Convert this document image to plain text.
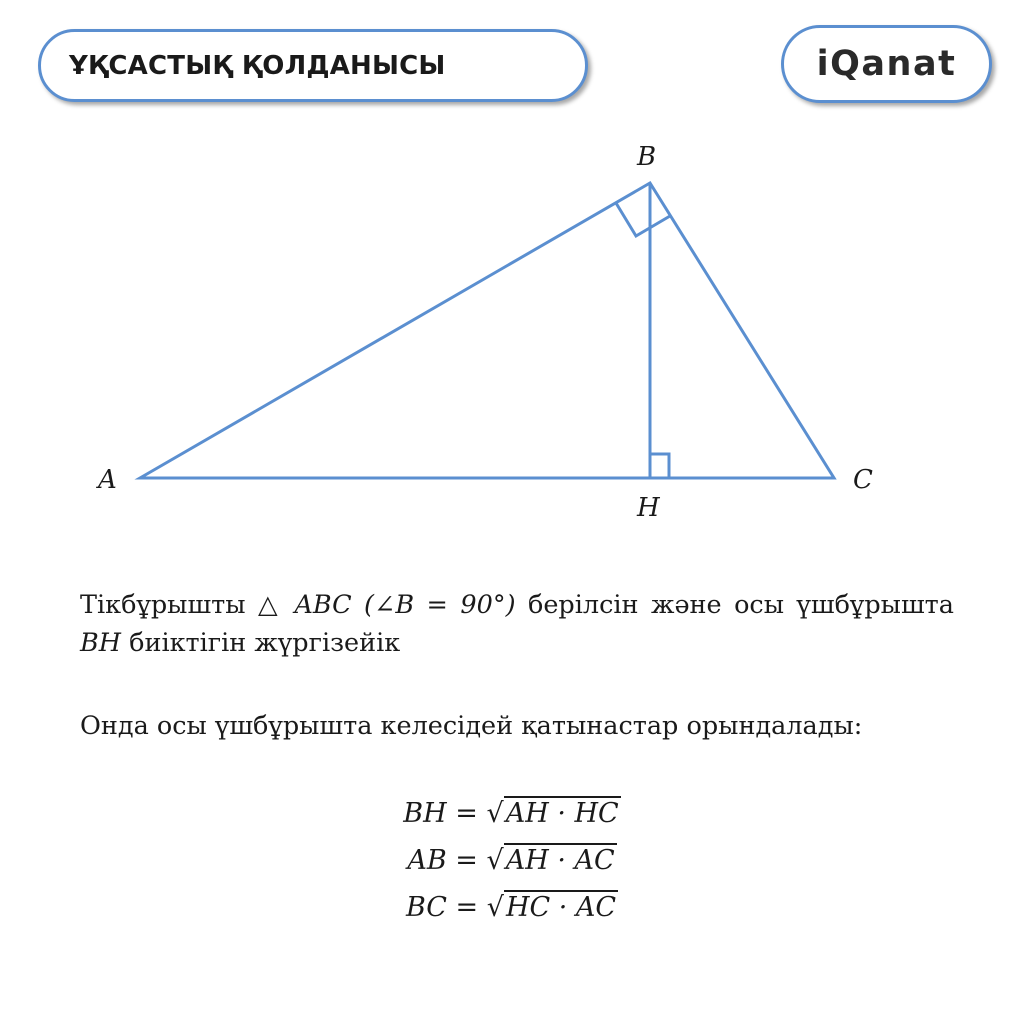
ҰҚСАСТЫҚ ҚОЛДАНЫСЫ	iQanat
B
A	C
H
Тікбұрышты △ ABC (∠B = 90°) берілсін және осы үшбұрышта BH биіктігін жүргізейік
Онда осы үшбұрышта келесідей қатынастар орындалады:
BH = √AH · HC
AB = √AH · AC
BC = √HC · AC
